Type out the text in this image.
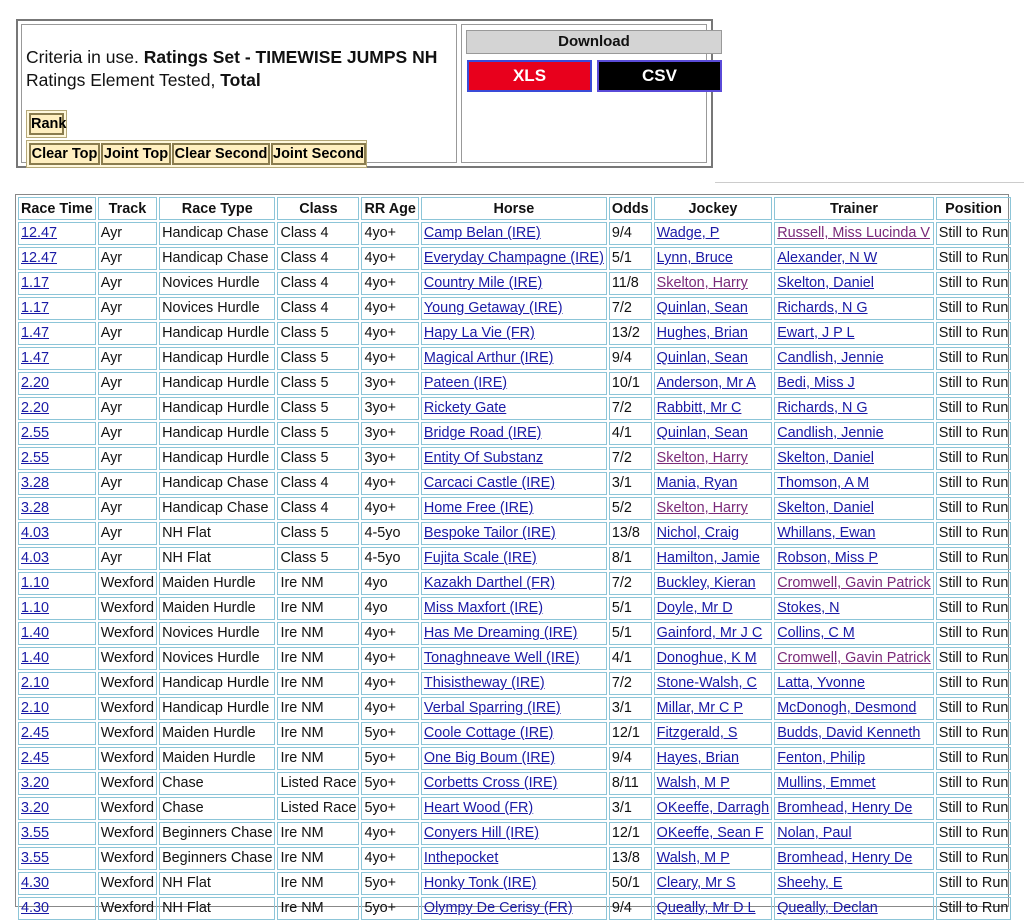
Criteria in use. Ratings Set - TIMEWISE JUMPS NH
Ratings Element Tested, Total
Rank
Clear Top Joint Top Clear Second Joint Second
Download
XLS	CSV
Race Time	Track	Race Type	Class	RR Age	Horse	Odds	Jockey	Trainer	Position
12.47	Ayr	Handicap Chase	Class 4	4yo+	Camp Belan (IRE)	9/4	Wadge, P	Russell, Miss Lucinda V	Still to Run
12.47	Ayr	Handicap Chase	Class 4	4yo+	Everyday Champagne (IRE)	5/1	Lynn, Bruce	Alexander, N W	Still to Run
1.17	Ayr	Novices Hurdle	Class 4	4yo+	Country Mile (IRE)	11/8	Skelton, Harry	Skelton, Daniel	Still to Run
1.17	Ayr	Novices Hurdle	Class 4	4yo+	Young Getaway (IRE)	7/2	Quinlan, Sean	Richards, N G	Still to Run
1.47	Ayr	Handicap Hurdle	Class 5	4yo+	Hapy La Vie (FR)	13/2	Hughes, Brian	Ewart, J P L	Still to Run
1.47	Ayr	Handicap Hurdle	Class 5	4yo+	Magical Arthur (IRE)	9/4	Quinlan, Sean	Candlish, Jennie	Still to Run
2.20	Ayr	Handicap Hurdle	Class 5	3yo+	Pateen (IRE)	10/1	Anderson, Mr A	Bedi, Miss J	Still to Run
2.20	Ayr	Handicap Hurdle	Class 5	3yo+	Rickety Gate	7/2	Rabbitt, Mr C	Richards, N G	Still to Run
2.55	Ayr	Handicap Hurdle	Class 5	3yo+	Bridge Road (IRE)	4/1	Quinlan, Sean	Candlish, Jennie	Still to Run
2.55	Ayr	Handicap Hurdle	Class 5	3yo+	Entity Of Substanz	7/2	Skelton, Harry	Skelton, Daniel	Still to Run
3.28	Ayr	Handicap Chase	Class 4	4yo+	Carcaci Castle (IRE)	3/1	Mania, Ryan	Thomson, A M	Still to Run
3.28	Ayr	Handicap Chase	Class 4	4yo+	Home Free (IRE)	5/2	Skelton, Harry	Skelton, Daniel	Still to Run
4.03	Ayr	NH Flat	Class 5	4-5yo	Bespoke Tailor (IRE)	13/8	Nichol, Craig	Whillans, Ewan	Still to Run
4.03	Ayr	NH Flat	Class 5	4-5yo	Fujita Scale (IRE)	8/1	Hamilton, Jamie	Robson, Miss P	Still to Run
1.10	Wexford	Maiden Hurdle	Ire NM	4yo	Kazakh Darthel (FR)	7/2	Buckley, Kieran	Cromwell, Gavin Patrick	Still to Run
1.10	Wexford	Maiden Hurdle	Ire NM	4yo	Miss Maxfort (IRE)	5/1	Doyle, Mr D	Stokes, N	Still to Run
1.40	Wexford	Novices Hurdle	Ire NM	4yo+	Has Me Dreaming (IRE)	5/1	Gainford, Mr J C	Collins, C M	Still to Run
1.40	Wexford	Novices Hurdle	Ire NM	4yo+	Tonaghneave Well (IRE)	4/1	Donoghue, K M	Cromwell, Gavin Patrick	Still to Run
2.10	Wexford	Handicap Hurdle	Ire NM	4yo+	Thisistheway (IRE)	7/2	Stone-Walsh, C	Latta, Yvonne	Still to Run
2.10	Wexford	Handicap Hurdle	Ire NM	4yo+	Verbal Sparring (IRE)	3/1	Millar, Mr C P	McDonogh, Desmond	Still to Run
2.45	Wexford	Maiden Hurdle	Ire NM	5yo+	Coole Cottage (IRE)	12/1	Fitzgerald, S	Budds, David Kenneth	Still to Run
2.45	Wexford	Maiden Hurdle	Ire NM	5yo+	One Big Boum (IRE)	9/4	Hayes, Brian	Fenton, Philip	Still to Run
3.20	Wexford	Chase	Listed Race	5yo+	Corbetts Cross (IRE)	8/11	Walsh, M P	Mullins, Emmet	Still to Run
3.20	Wexford	Chase	Listed Race	5yo+	Heart Wood (FR)	3/1	OKeeffe, Darragh	Bromhead, Henry De	Still to Run
3.55	Wexford	Beginners Chase	Ire NM	4yo+	Conyers Hill (IRE)	12/1	OKeeffe, Sean F	Nolan, Paul	Still to Run
3.55	Wexford	Beginners Chase	Ire NM	4yo+	Inthepocket	13/8	Walsh, M P	Bromhead, Henry De	Still to Run
4.30	Wexford	NH Flat	Ire NM	5yo+	Honky Tonk (IRE)	50/1	Cleary, Mr S	Sheehy, E	Still to Run
4.30	Wexford	NH Flat	Ire NM	5yo+	Olympy De Cerisy (FR)	9/4	Queally, Mr D L	Queally, Declan	Still to Run
